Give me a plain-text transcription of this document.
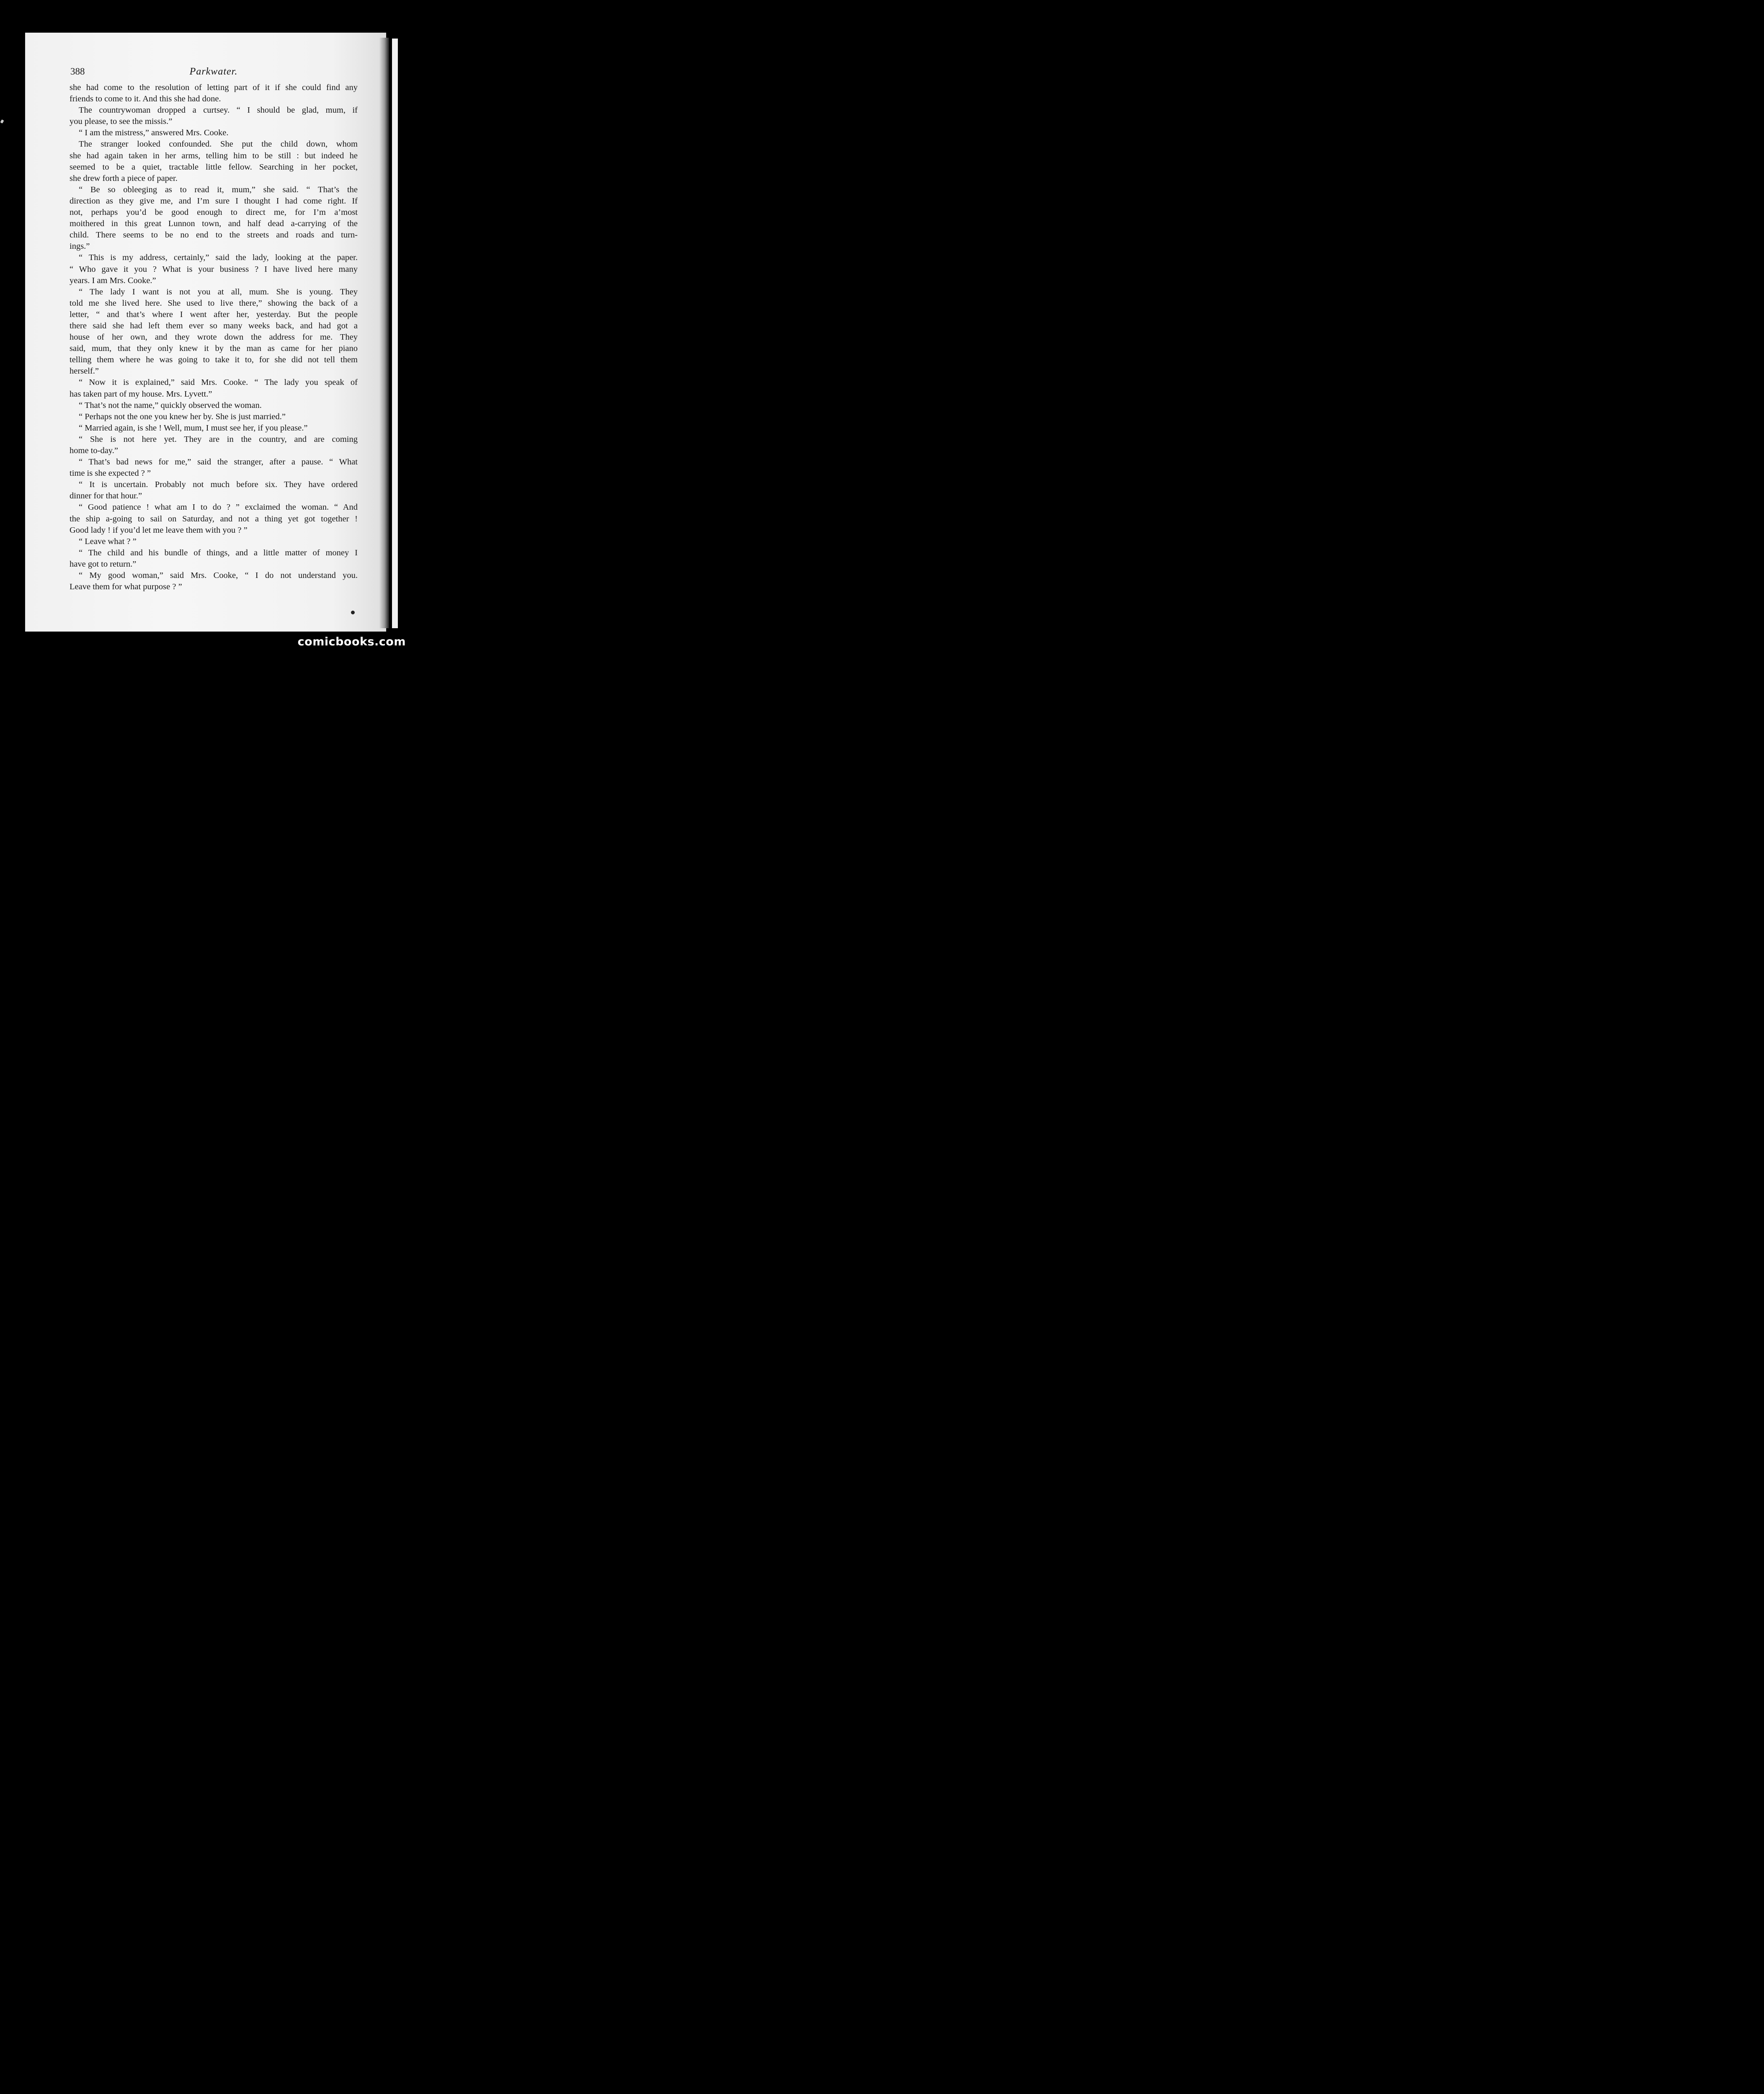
388	Parkwater.
she had come to the resolution of letting part of it if she could find any
friends to come to it. And this she had done.
The countrywoman dropped a curtsey. “ I should be glad, mum, if
you please, to see the missis.”
“ I am the mistress,” answered Mrs. Cooke.
The stranger looked confounded. She put the child down, whom
she had again taken in her arms, telling him to be still : but indeed he
seemed to be a quiet, tractable little fellow. Searching in her pocket,
she drew forth a piece of paper.
“ Be so obleeging as to read it, mum,” she said. “ That’s the
direction as they give me, and I’m sure I thought I had come right. If
not, perhaps you’d be good enough to direct me, for I’m a’most
moithered in this great Lunnon town, and half dead a-carrying of the
child. There seems to be no end to the streets and roads and turn-
ings.”
“ This is my address, certainly,” said the lady, looking at the paper.
“ Who gave it you ? What is your business ? I have lived here many
years. I am Mrs. Cooke.”
“ The lady I want is not you at all, mum. She is young. They
told me she lived here. She used to live there,” showing the back of a
letter, “ and that’s where I went after her, yesterday. But the people
there said she had left them ever so many weeks back, and had got a
house of her own, and they wrote down the address for me. They
said, mum, that they only knew it by the man as came for her piano
telling them where he was going to take it to, for she did not tell them
herself.”
“ Now it is explained,” said Mrs. Cooke. “ The lady you speak of
has taken part of my house. Mrs. Lyvett.”
“ That’s not the name,” quickly observed the woman.
“ Perhaps not the one you knew her by. She is just married.”
“ Married again, is she ! Well, mum, I must see her, if you please.”
“ She is not here yet. They are in the country, and are coming
home to-day.”
“ That’s bad news for me,” said the stranger, after a pause. “ What
time is she expected ? ”
“ It is uncertain. Probably not much before six. They have ordered
dinner for that hour.”
“ Good patience ! what am I to do ? ” exclaimed the woman. “ And
the ship a-going to sail on Saturday, and not a thing yet got together !
Good lady ! if you’d let me leave them with you ? ”
“ Leave what ? ”
“ The child and his bundle of things, and a little matter of money I
have got to return.”
“ My good woman,” said Mrs. Cooke, “ I do not understand you.
Leave them for what purpose ? ”
comicbooks.com
